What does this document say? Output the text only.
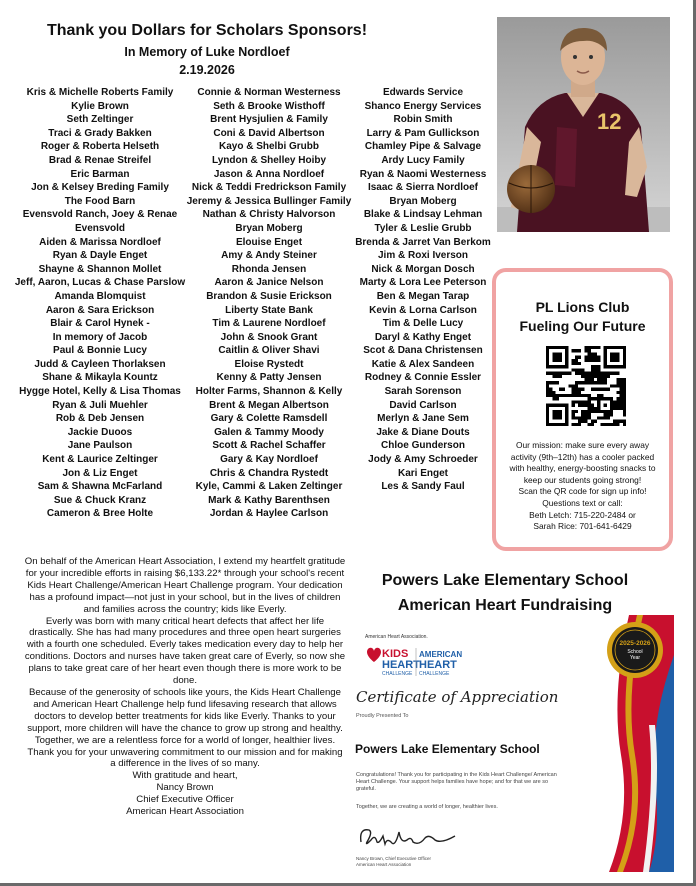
Thank you Dollars for Scholars Sponsors!
In Memory of Luke Nordloef
2.19.2026
Kris & Michelle Roberts Family
Kylie Brown
Seth Zeltinger
Traci & Grady Bakken
Roger & Roberta Helseth
Brad & Renae Streifel
Eric Barman
Jon & Kelsey Breding Family
The Food Barn
Evensvold Ranch, Joey & Renae
Evensvold
Aiden & Marissa Nordloef
Ryan & Dayle Enget
Shayne & Shannon Mollet
Jeff, Aaron, Lucas & Chase Parslow
Amanda Blomquist
Aaron & Sara Erickson
Blair & Carol Hynek -
In memory of Jacob
Paul & Bonnie Lucy
Judd & Cayleen Thorlaksen
Shane & Mikayla Kountz
Hygge Hotel, Kelly & Lisa Thomas
Ryan & Juli Muehler
Rob & Deb Jensen
Jackie Duoos
Jane Paulson
Kent & Laurice Zeltinger
Jon & Liz Enget
Sam & Shawna McFarland
Sue & Chuck Kranz
Cameron & Bree Holte
Connie & Norman Westerness
Seth & Brooke Wisthoff
Brent Hysjulien & Family
Coni & David Albertson
Kayo & Shelbi Grubb
Lyndon & Shelley Hoiby
Jason & Anna Nordloef
Nick & Teddi Fredrickson Family
Jeremy & Jessica Bullinger Family
Nathan & Christy Halvorson
Bryan Moberg
Elouise Enget
Amy & Andy Steiner
Rhonda Jensen
Aaron & Janice Nelson
Brandon & Susie Erickson
Liberty State Bank
Tim & Laurene Nordloef
John & Snook Grant
Caitlin & Oliver Shavi
Eloise Rystedt
Kenny & Patty Jensen
Holter Farms, Shannon & Kelly
Brent & Megan Albertson
Gary & Colette Ramsdell
Galen & Tammy Moody
Scott & Rachel Schaffer
Gary & Kay Nordloef
Chris & Chandra Rystedt
Kyle, Cammi & Laken Zeltinger
Mark & Kathy Barenthsen
Jordan & Haylee Carlson
Edwards Service
Shanco Energy Services
Robin Smith
Larry & Pam Gullickson
Chamley Pipe & Salvage
Ardy Lucy Family
Ryan & Naomi Westerness
Isaac & Sierra Nordloef
Bryan Moberg
Blake & Lindsay Lehman
Tyler & Leslie Grubb
Brenda & Jarret Van Berkom
Jim & Roxi Iverson
Nick & Morgan Dosch
Marty & Lora Lee Peterson
Ben & Megan Tarap
Kevin & Lorna Carlson
Tim & Delle Lucy
Daryl & Kathy Enget
Scot & Dana Christensen
Katie & Alex Sandeen
Rodney & Connie Essler
Sarah Sorenson
David Carlson
Merlyn & Jane Sem
Jake & Diane Douts
Chloe Gunderson
Jody & Amy Schroeder
Kari Enget
Les & Sandy Faul
12
PL Lions Club
Fueling Our Future
Our mission: make sure every away
activity (9th–12th) has a cooler packed
with healthy, energy-boosting snacks to
keep our students going strong!
Scan the QR code for sign up info!
Questions text or call:
Beth Letch: 715-220-2484 or
Sarah Rice: 701-641-6429

On behalf of the American Heart Association, I extend my heartfelt gratitude for your incredible efforts in raising $6,133.22* through your school's recent Kids Heart Challenge/American Heart Challenge program. Your dedication has a profound impact—not just in your school, but in the lives of children and families across the country; kids like Everly.

Everly was born with many critical heart defects that affect her life drastically. She has had many procedures and three open heart surgeries with a fourth one scheduled. Everly takes medication every day to help her conditions. Doctors and nurses have taken great care of Everly, so now she plans to take great care of her heart even though there is more work to be done.

Because of the generosity of schools like yours, the Kids Heart Challenge and American Heart Challenge help fund lifesaving research that allows doctors to develop better treatments for kids like Everly. Thanks to your support, more children will have the chance to grow up strong and healthy.

Together, we are a relentless force for a world of longer, healthier lives. Thank you for your unwavering commitment to our mission and for making a difference in the lives of so many.

With gratitude and heart,

Nancy Brown

Chief Executive Officer

American Heart Association

Powers Lake Elementary School
American Heart Fundraising
2025-2026
School
Year
American Heart Association.
KIDS
HEART
CHALLENGE
AMERICAN
HEART
CHALLENGE
Certificate of Appreciation
Proudly Presented To
Powers Lake Elementary School
Congratulations! Thank you for participating in the Kids Heart Challenge/ American Heart Challenge. Your support helps families have hope; and for that we are so grateful.
Together, we are creating a world of longer, healthier lives.
Nancy Brown, Chief Executive Officer
American Heart Association
